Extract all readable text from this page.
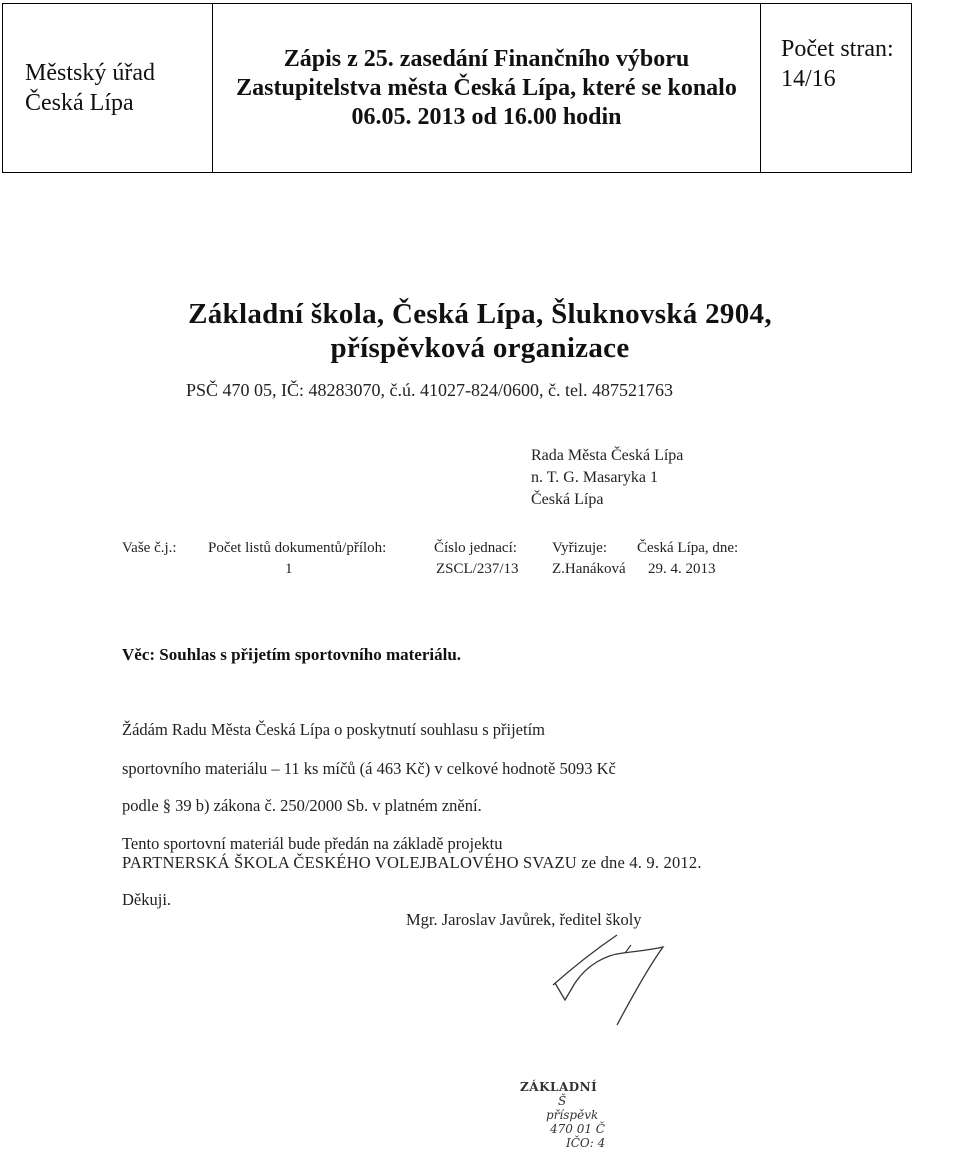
Městský úřad
Česká Lípa
Zápis z 25. zasedání Finančního výboru
Zastupitelstva města Česká Lípa, které se konalo
06.05. 2013 od 16.00 hodin
Počet stran:
14/16
Základní škola, Česká Lípa, Šluknovská 2904,
příspěvková organizace
PSČ 470 05, IČ: 48283070, č.ú. 41027-824/0600, č. tel. 487521763
Rada Města Česká Lípa
n. T. G. Masaryka 1
Česká Lípa
Vaše č.j.: Počet listů dokumentů/příloh:
1
Číslo jednací:
ZSCL/237/13
Vyřizuje:
Z.Hanáková
Česká Lípa, dne:
29. 4. 2013
Věc: Souhlas s přijetím sportovního materiálu.
Žádám Radu Města Česká Lípa o poskytnutí souhlasu s přijetím
sportovního materiálu – 11 ks míčů (á 463 Kč) v celkové hodnotě 5093 Kč
podle § 39 b) zákona č. 250/2000 Sb. v platném znění.
Tento sportovní materiál bude předán na základě projektu
PARTNERSKÁ ŠKOLA ČESKÉHO VOLEJBALOVÉHO SVAZU ze dne 4. 9. 2012.
Děkuji.
Mgr. Jaroslav Javůrek, ředitel školy
ZÁKLADNÍ
Š
příspěvk
470 01 Č
IČO: 4
